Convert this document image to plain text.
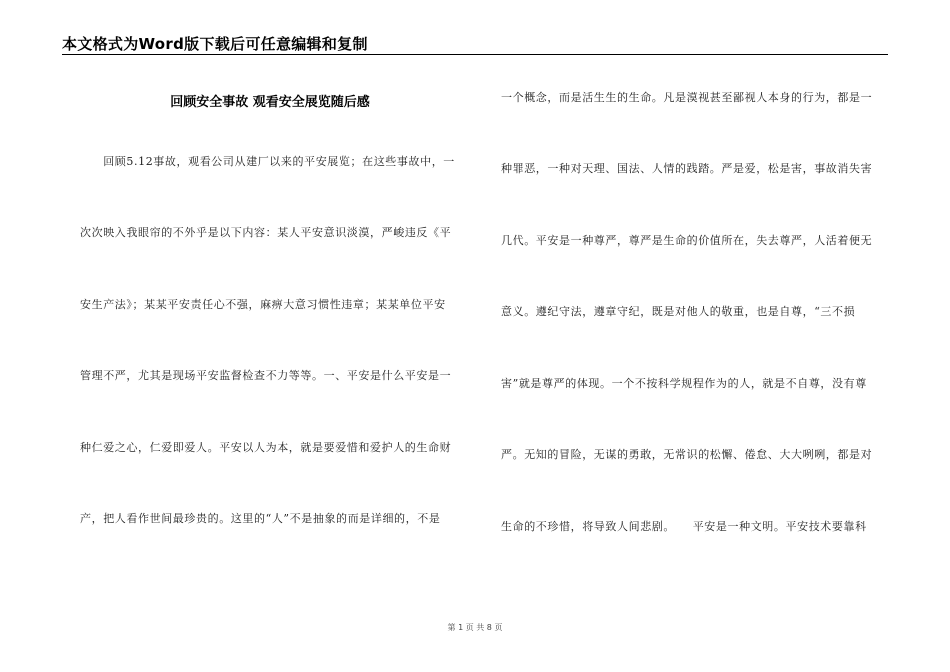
本文格式为Word版下载后可任意编辑和复制
回顾安全事故 观看安全展览随后感
　　回顾5.12事故，观看公司从建厂以来的平安展览；在这些事故中，一
次次映入我眼帘的不外乎是以下内容：某人平安意识淡漠，严峻违反《平
安生产法》；某某平安责任心不强，麻痹大意习惯性违章；某某单位平安
管理不严，尤其是现场平安监督检查不力等等。一、平安是什么平安是一
种仁爱之心，仁爱即爱人。平安以人为本，就是要爱惜和爱护人的生命财
产，把人看作世间最珍贵的。这里的“人”不是抽象的而是详细的，不是
一个概念，而是活生生的生命。凡是漠视甚至鄙视人本身的行为，都是一
种罪恶，一种对天理、国法、人情的践踏。严是爱，松是害，事故消失害
几代。平安是一种尊严，尊严是生命的价值所在，失去尊严，人活着便无
意义。遵纪守法，遵章守纪，既是对他人的敬重，也是自尊，“三不损
害”就是尊严的体现。一个不按科学规程作为的人，就是不自尊，没有尊
严。无知的冒险，无谋的勇敢，无常识的松懈、倦怠、大大咧咧，都是对
生命的不珍惜，将导致人间悲剧。　　平安是一种文明。平安技术要靠科
第 1 页 共 8 页
